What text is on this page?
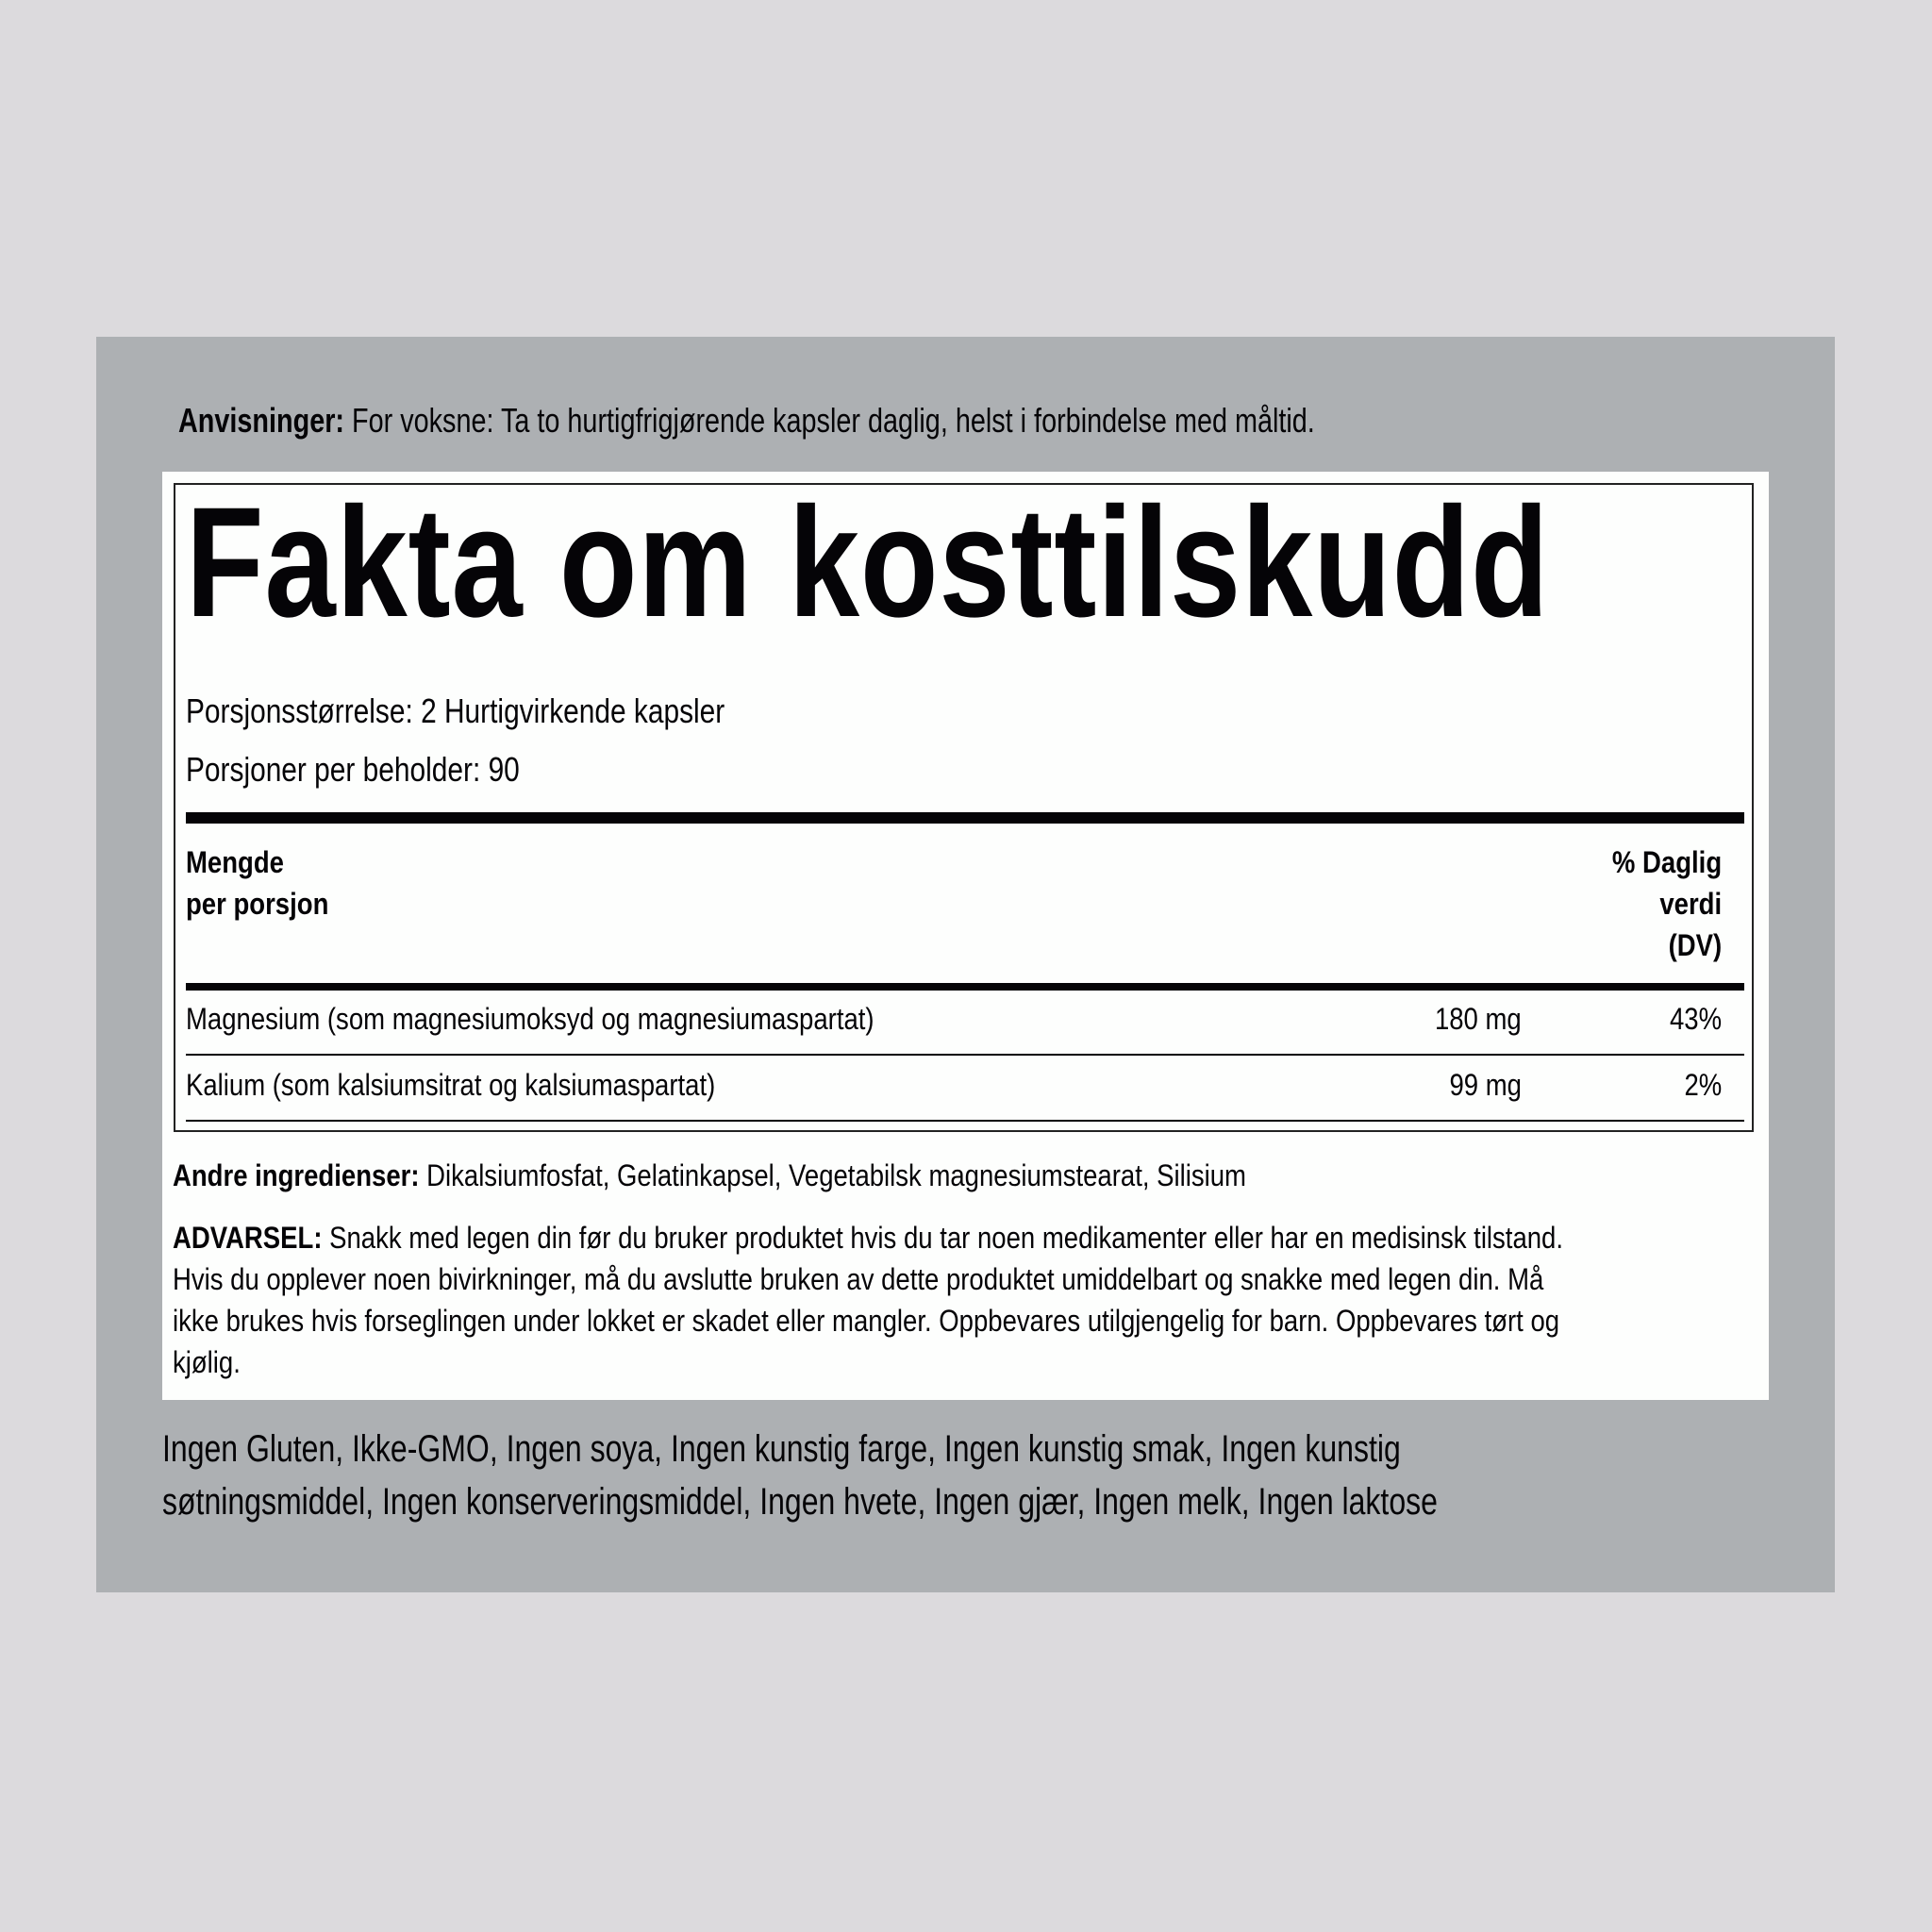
Anvisninger: For voksne: Ta to hurtigfrigjørende kapsler daglig, helst i forbindelse med måltid.
Fakta om kosttilskudd
Porsjonsstørrelse: 2 Hurtigvirkende kapsler
Porsjoner per beholder: 90
Mengde
per porsjon
% Daglig
verdi
(DV)
Magnesium (som magnesiumoksyd og magnesiumaspartat)	180 mg	43%
Kalium (som kalsiumsitrat og kalsiumaspartat)	99 mg	2%
Andre ingredienser: Dikalsiumfosfat, Gelatinkapsel, Vegetabilsk magnesiumstearat, Silisium

ADVARSEL: Snakk med legen din før du bruker produktet hvis du tar noen medikamenter eller har en medisinsk tilstand.

Hvis du opplever noen bivirkninger, må du avslutte bruken av dette produktet umiddelbart og snakke med legen din. Må

ikke brukes hvis forseglingen under lokket er skadet eller mangler. Oppbevares utilgjengelig for barn. Oppbevares tørt og

kjølig.

Ingen Gluten, Ikke-GMO, Ingen soya, Ingen kunstig farge, Ingen kunstig smak, Ingen kunstig

søtningsmiddel, Ingen konserveringsmiddel, Ingen hvete, Ingen gjær, Ingen melk, Ingen laktose
